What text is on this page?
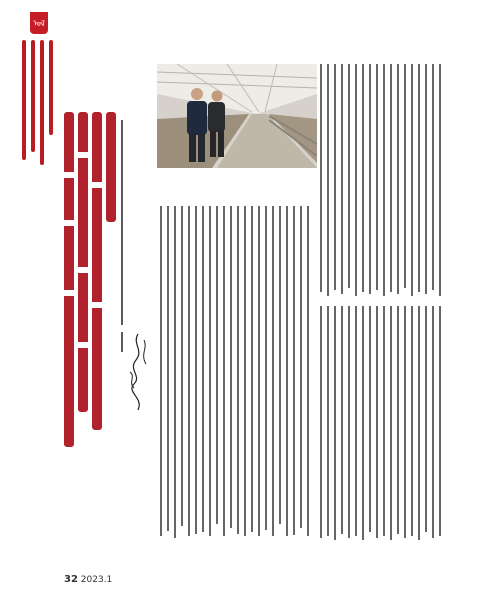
ᠤᠯ
32 2023.1
